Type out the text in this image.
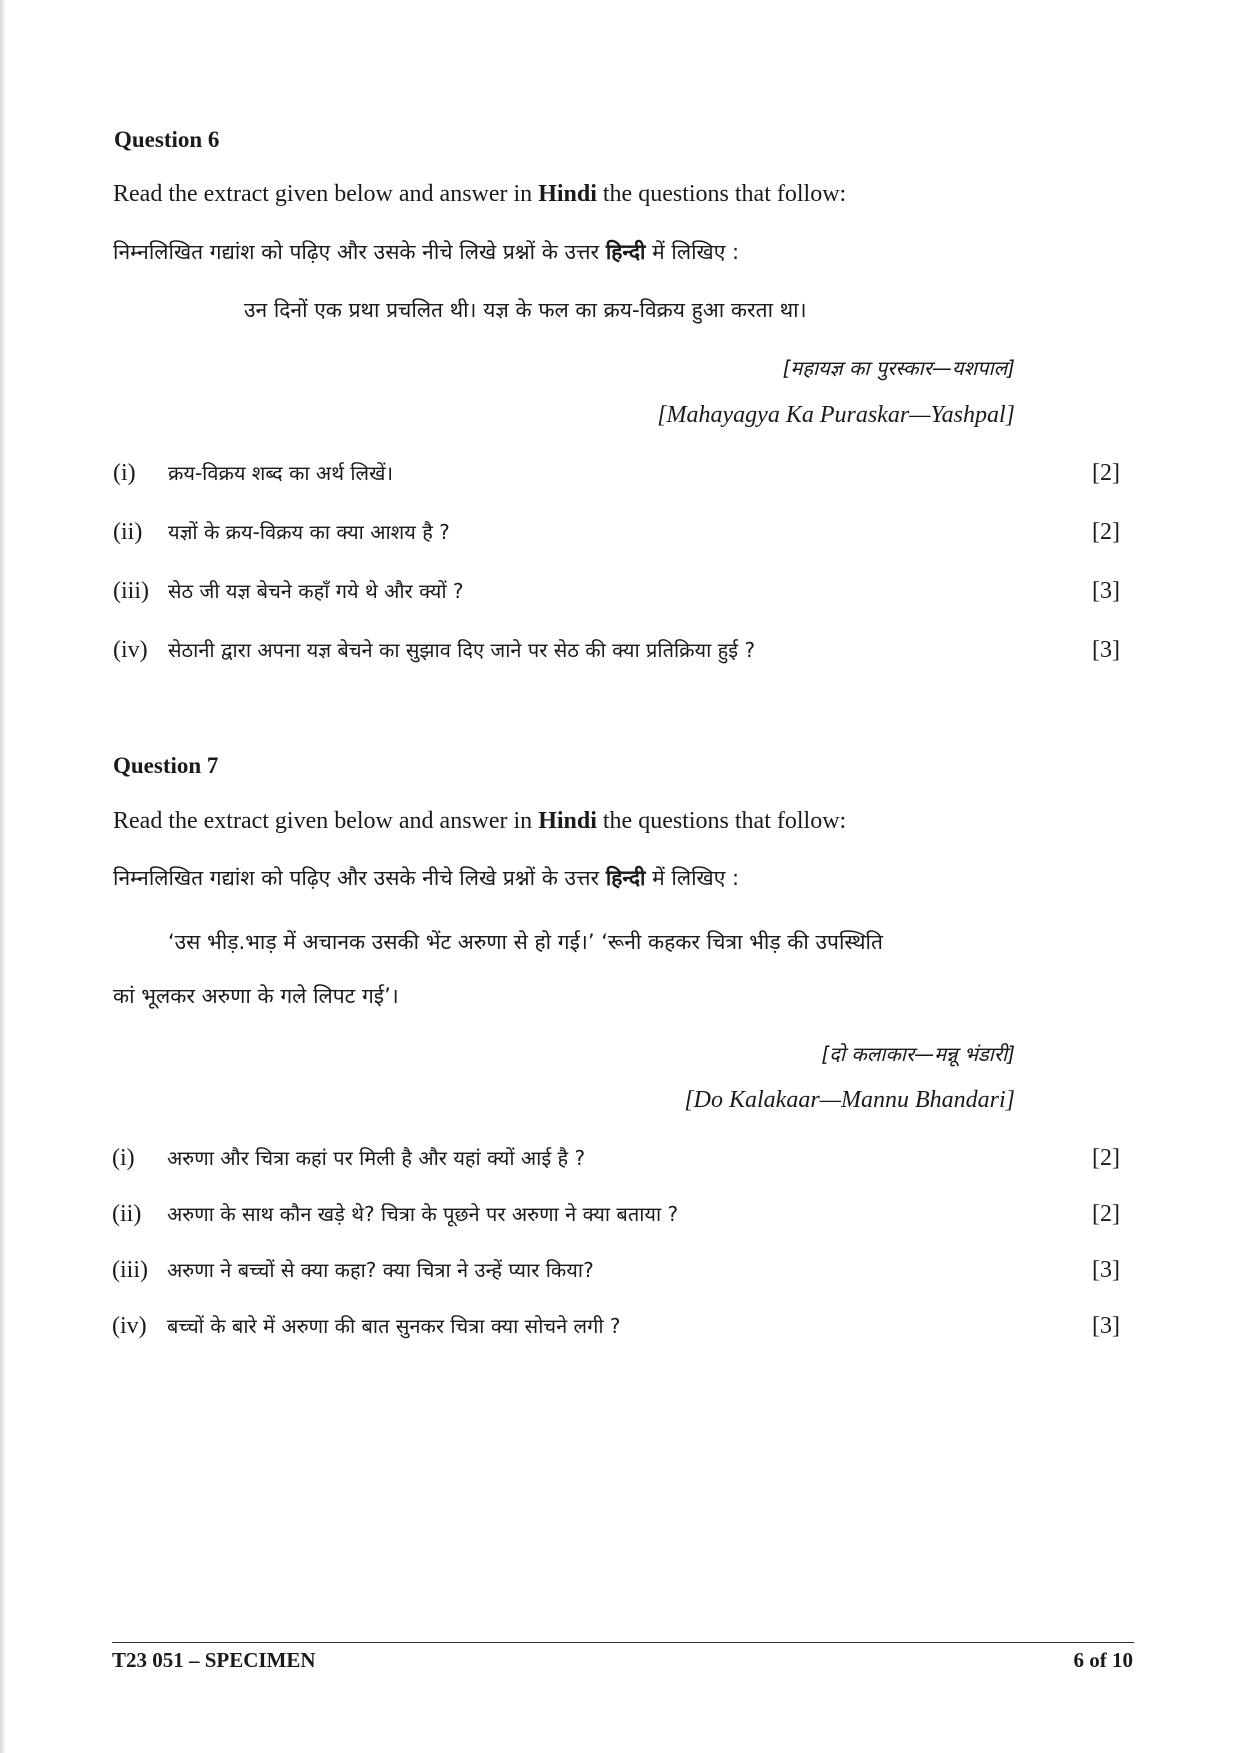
Question 6
Read the extract given below and answer in Hindi the questions that follow:
निम्नलिखित गद्यांश को पढ़िए और उसके नीचे लिखे प्रश्नों के उत्तर हिन्दी में लिखिए :
उन दिनों एक प्रथा प्रचलित थी। यज्ञ के फल का क्रय-विक्रय हुआ करता था।
[महायज्ञ का पुरस्कार—यशपाल]
[Mahayagya Ka Puraskar—Yashpal]
(i) क्रय-विक्रय शब्द का अर्थ लिखें।	[2]
(ii) यज्ञों के क्रय-विक्रय का क्या आशय है ?	[2]
(iii) सेठ जी यज्ञ बेचने कहाँ गये थे और क्यों ?	[3]
(iv) सेठानी द्वारा अपना यज्ञ बेचने का सुझाव दिए जाने पर सेठ की क्या प्रतिक्रिया हुई ?	[3]
Question 7
Read the extract given below and answer in Hindi the questions that follow:
निम्नलिखित गद्यांश को पढ़िए और उसके नीचे लिखे प्रश्नों के उत्तर हिन्दी में लिखिए :
‘उस भीड़.भाड़ में अचानक उसकी भेंट अरुणा से हो गई।’ ‘रूनी कहकर चित्रा भीड़ की उपस्थिति
कां भूलकर अरुणा के गले लिपट गई’।
[दो कलाकार—मन्नू भंडारी]
[Do Kalakaar—Mannu Bhandari]
(i) अरुणा और चित्रा कहां पर मिली है और यहां क्यों आई है ?	[2]
(ii) अरुणा के साथ कौन खड़े थे? चित्रा के पूछने पर अरुणा ने क्या बताया ?	[2]
(iii) अरुणा ने बच्चों से क्या कहा? क्या चित्रा ने उन्हें प्यार किया?	[3]
(iv) बच्चों के बारे में अरुणा की बात सुनकर चित्रा क्या सोचने लगी ?	[3]
T23 051 – SPECIMEN	6 of 10
